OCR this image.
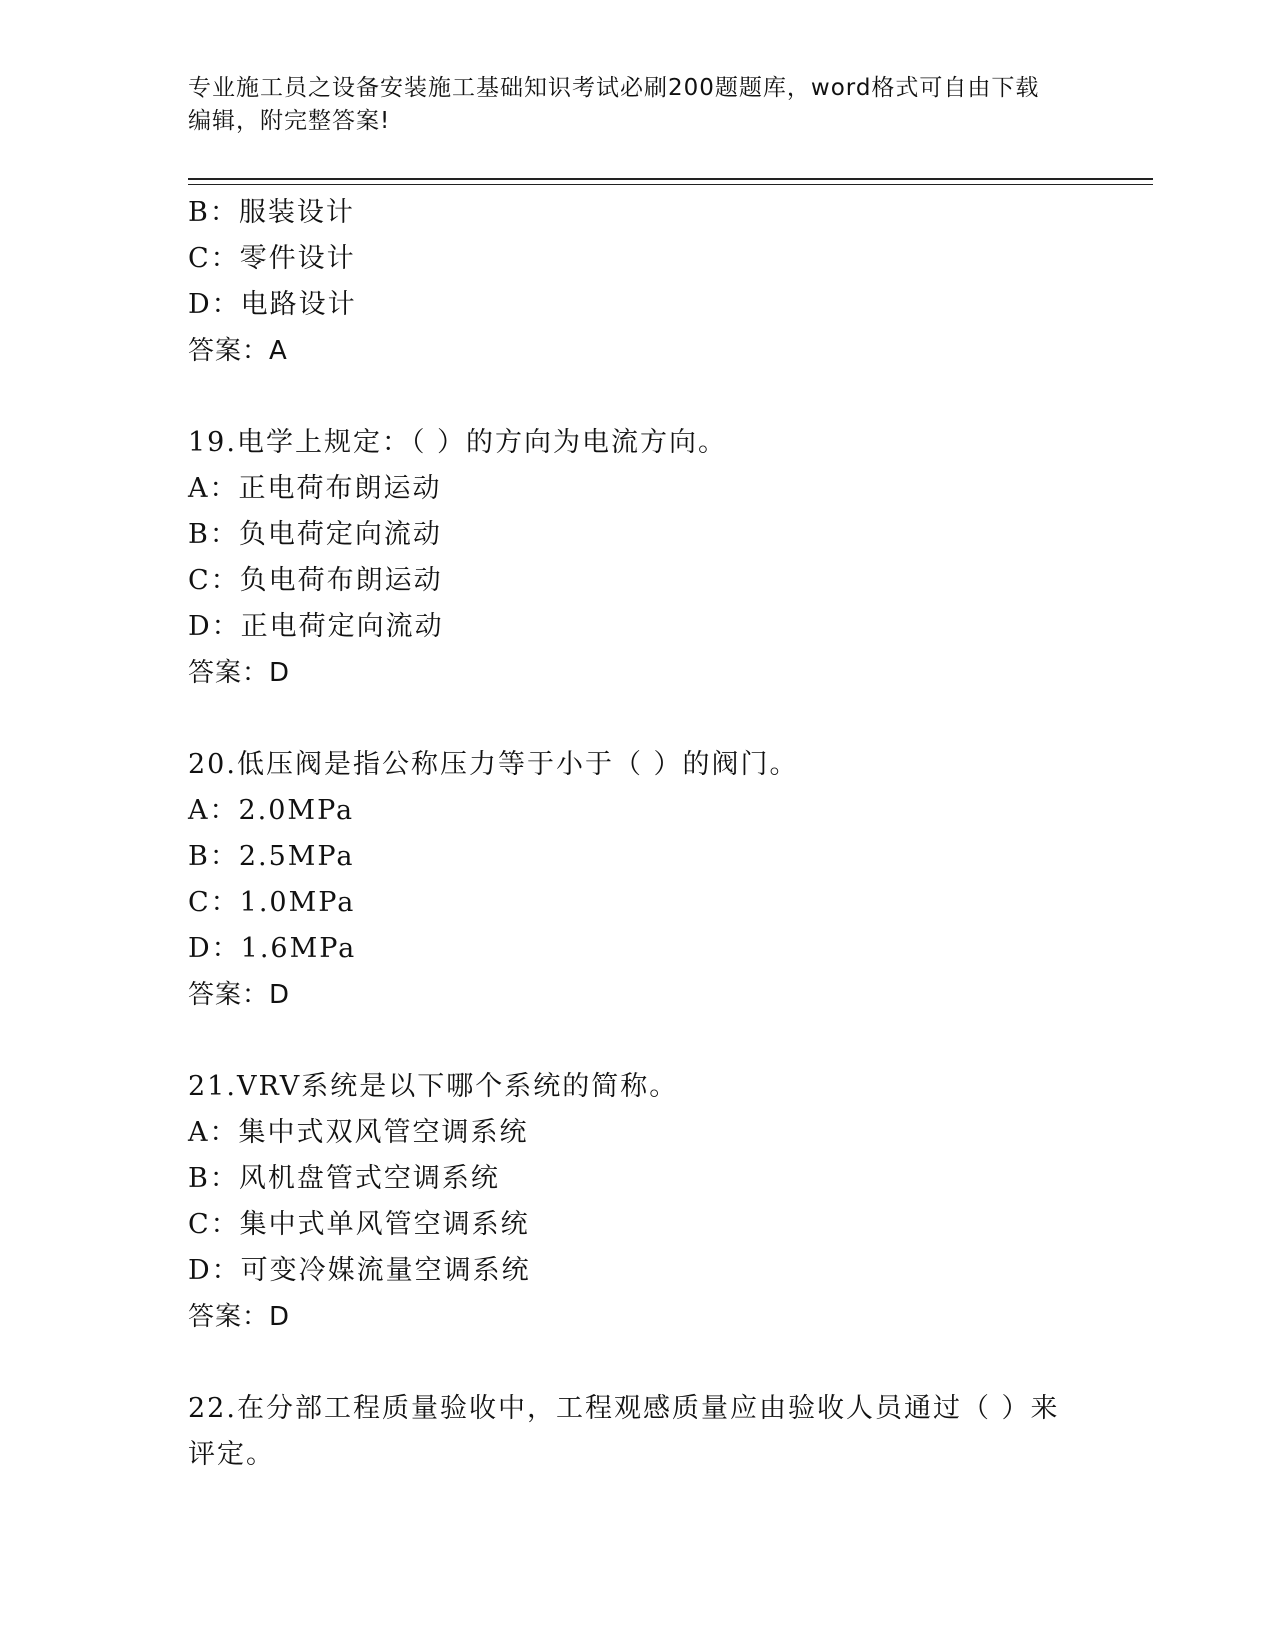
专业施工员之设备安装施工基础知识考试必刷200题题库，word格式可自由下载
编辑，附完整答案!
B：服装设计
C：零件设计
D：电路设计
答案：A
19.电学上规定：（ ）的方向为电流方向。
A：正电荷布朗运动
B：负电荷定向流动
C：负电荷布朗运动
D：正电荷定向流动
答案：D
20.低压阀是指公称压力等于小于（ ）的阀门。
A：2.0MPa
B：2.5MPa
C：1.0MPa
D：1.6MPa
答案：D
21.VRV系统是以下哪个系统的简称。
A：集中式双风管空调系统
B：风机盘管式空调系统
C：集中式单风管空调系统
D：可变冷媒流量空调系统
答案：D
22.在分部工程质量验收中，工程观感质量应由验收人员通过（ ）来
评定。
